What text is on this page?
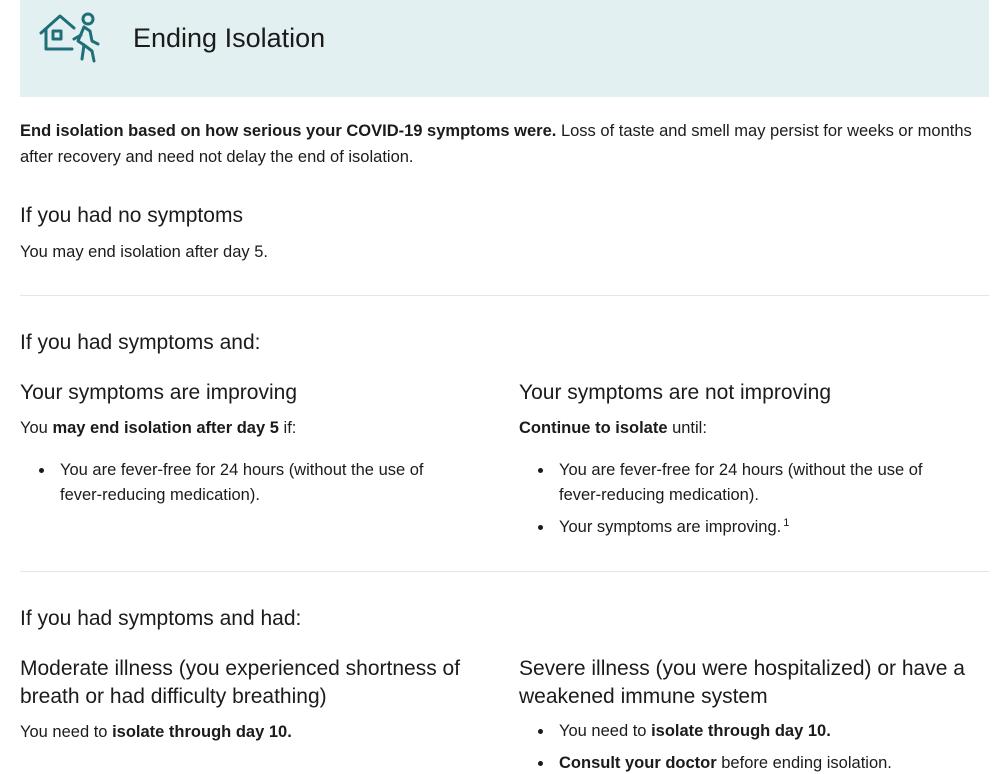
Ending Isolation
End isolation based on how serious your COVID-19 symptoms were. Loss of taste and smell may persist for weeks or months after recovery and need not delay the end of isolation.
If you had no symptoms
You may end isolation after day 5.
If you had symptoms and:
Your symptoms are improving
You may end isolation after day 5 if:
You are fever-free for 24 hours (without the use of fever-reducing medication).
Your symptoms are not improving
Continue to isolate until:
You are fever-free for 24 hours (without the use of fever-reducing medication).
Your symptoms are improving. $^1$
If you had symptoms and had:
Moderate illness (you experienced shortness of breath or had difficulty breathing)
You need to isolate through day 10.
Severe illness (you were hospitalized) or have a weakened immune system
You need to isolate through day 10.
Consult your doctor before ending isolation.
